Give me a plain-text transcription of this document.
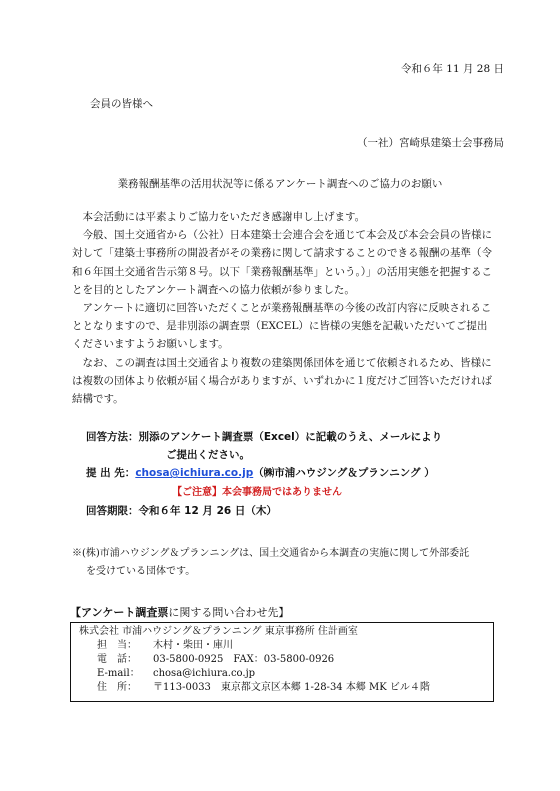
令和６年 11 月 28 日
会員の皆様へ
（一社）宮崎県建築士会事務局
業務報酬基準の活用状況等に係るアンケート調査へのご協力のお願い

本会活動には平素よりご協力をいただき感謝申し上げます。

今般、国土交通省から（公社）日本建築士会連合会を通じて本会及び本会会員の皆様に対して「建築士事務所の開設者がその業務に関して請求することのできる報酬の基準（令和６年国土交通省告示第８号。以下「業務報酬基準」という。）」の活用実態を把握することを目的としたアンケート調査への協力依頼が参りました。

アンケートに適切に回答いただくことが業務報酬基準の今後の改訂内容に反映されることとなりますので、是非別添の調査票（EXCEL）に皆様の実態を記載いただいてご提出くださいますようお願いします。

なお、この調査は国土交通省より複数の建築関係団体を通じて依頼されるため、皆様には複数の団体より依頼が届く場合がありますが、いずれかに１度だけご回答いただければ結構です。

回答方法：別添のアンケート調査票（Excel）に記載のうえ、メールにより
ご提出ください。
提 出 先：chosa@ichiura.co.jp（㈱市浦ハウジング＆プランニング ）
【ご注意】本会事務局ではありません
回答期限：令和６年 12 月 26 日（木）

※(株)市浦ハウジング＆プランニングは、国土交通省から本調査の実施に関して外部委託

を受けている団体です。

【アンケート調査票に関する問い合わせ先】
株式会社 市浦ハウジング＆プランニング 東京事務所 住計画室
担　当： 木村・柴田・庫川
電　話： 03-5800-0925　FAX：03-5800-0926
E-mail： chosa@ichiura.co.jp
住　所： 〒113-0033　東京都文京区本郷 1-28-34 本郷 MK ビル４階
